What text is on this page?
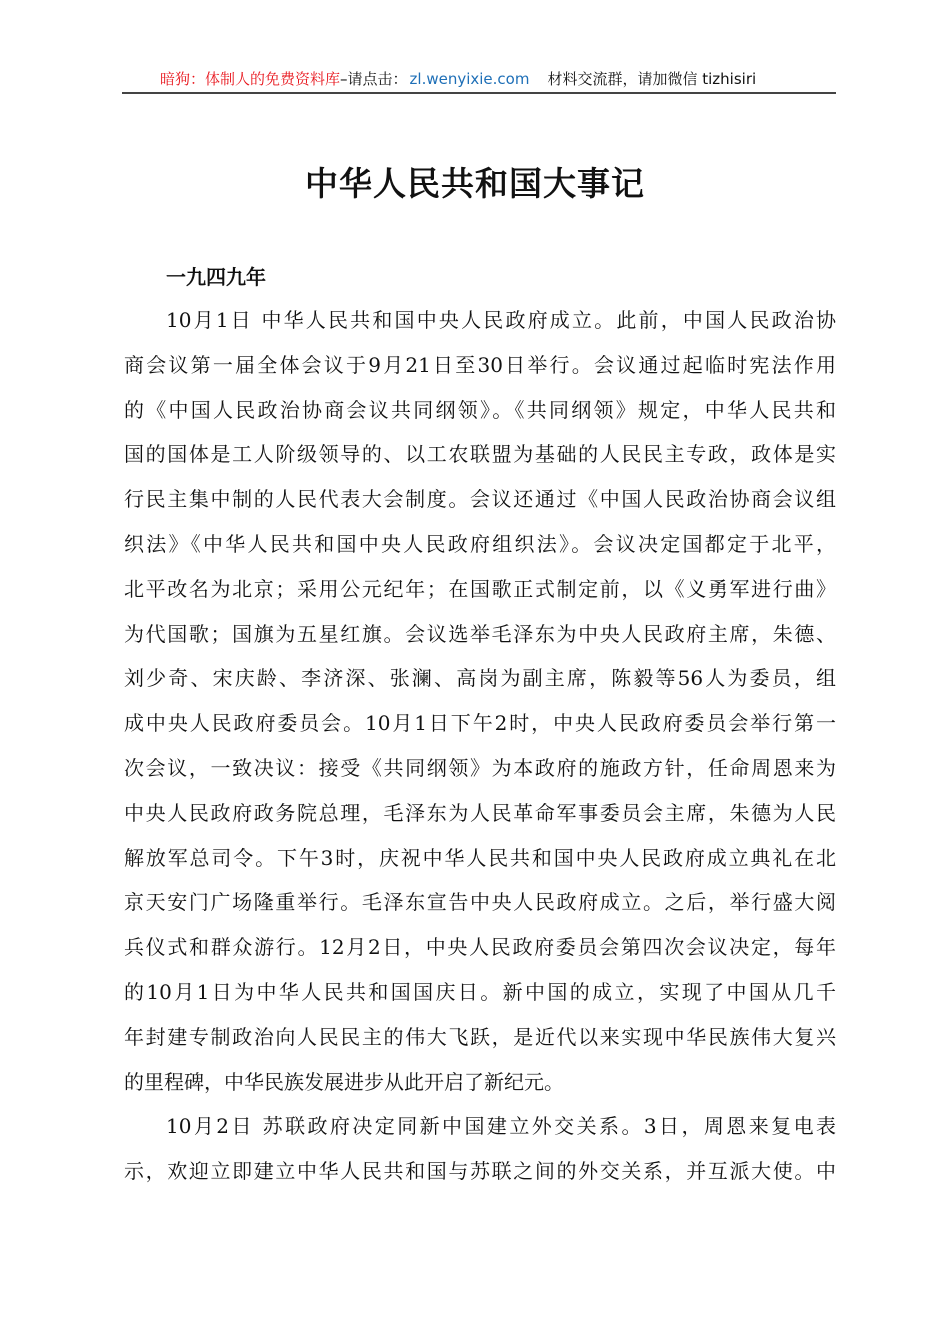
暗狗：体制人的免费资料库–请点击： zl.wenyixie.com 材料交流群，请加微信 tizhisiri
中华人民共和国大事记
一九四九年
10月1日 中华人民共和国中央人民政府成立。此前，中国人民政治协
商会议第一届全体会议于9月21日至30日举行。会议通过起临时宪法作用
的《中国人民政治协商会议共同纲领》。《共同纲领》规定，中华人民共和
国的国体是工人阶级领导的、以工农联盟为基础的人民民主专政，政体是实
行民主集中制的人民代表大会制度。会议还通过《中国人民政治协商会议组
织法》《中华人民共和国中央人民政府组织法》。会议决定国都定于北平，
北平改名为北京；采用公元纪年；在国歌正式制定前，以《义勇军进行曲》
为代国歌；国旗为五星红旗。会议选举毛泽东为中央人民政府主席，朱德、
刘少奇、宋庆龄、李济深、张澜、高岗为副主席，陈毅等56人为委员，组
成中央人民政府委员会。10月1日下午2时，中央人民政府委员会举行第一
次会议，一致决议：接受《共同纲领》为本政府的施政方针，任命周恩来为
中央人民政府政务院总理，毛泽东为人民革命军事委员会主席，朱德为人民
解放军总司令。下午3时，庆祝中华人民共和国中央人民政府成立典礼在北
京天安门广场隆重举行。毛泽东宣告中央人民政府成立。之后，举行盛大阅
兵仪式和群众游行。12月2日，中央人民政府委员会第四次会议决定，每年
的10月1日为中华人民共和国国庆日。新中国的成立，实现了中国从几千
年封建专制政治向人民民主的伟大飞跃，是近代以来实现中华民族伟大复兴
的里程碑，中华民族发展进步从此开启了新纪元。
10月2日 苏联政府决定同新中国建立外交关系。3日，周恩来复电表
示，欢迎立即建立中华人民共和国与苏联之间的外交关系，并互派大使。中
